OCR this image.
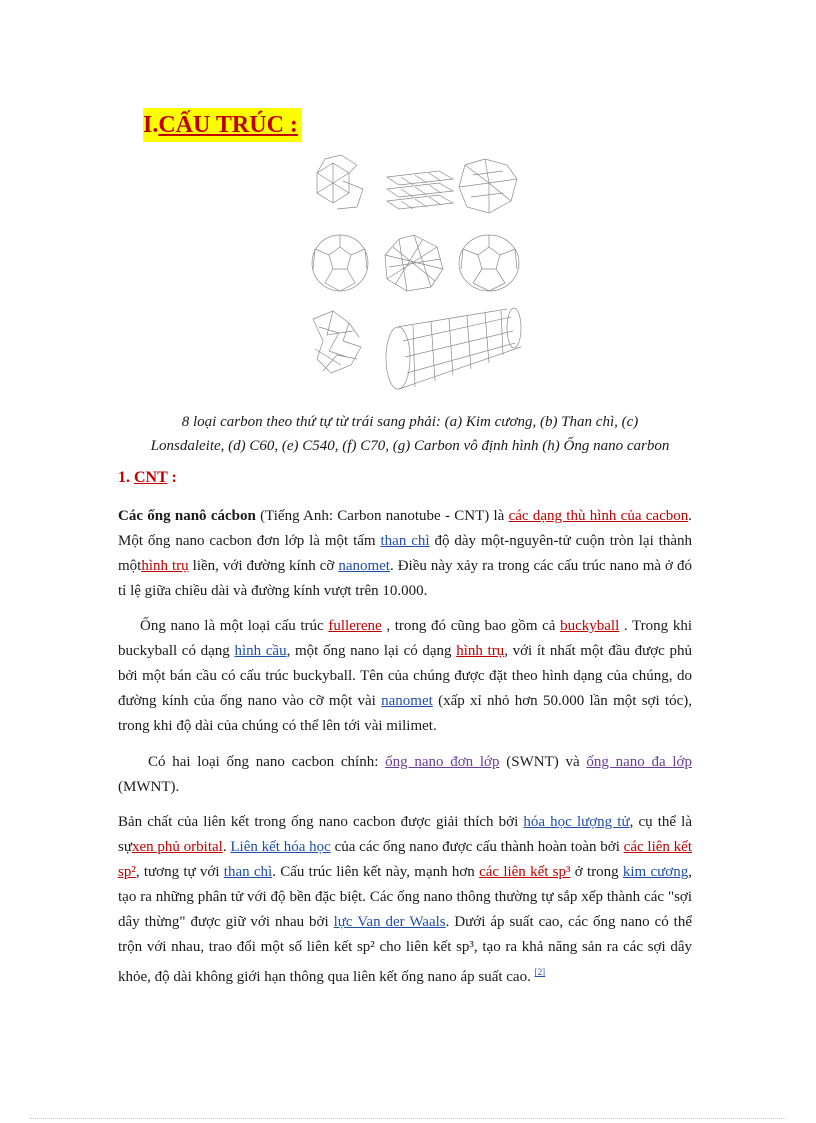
I.CẤU TRÚC :
8 loại carbon theo thứ tự từ trái sang phải: (a) Kim cương, (b) Than chì, (c)
Lonsdaleite, (d) C60, (e) C540, (f) C70, (g) Carbon vô định hình (h) Ống nano carbon
1. CNT :
Các ống nanô cácbon (Tiếng Anh: Carbon nanotube - CNT) là các dạng thù hình của cacbon. Một ống nano cacbon đơn lớp là một tấm than chì độ dày một-nguyên-tử cuộn tròn lại thành mộthình trụ liền, với đường kính cỡ nanomet. Điều này xảy ra trong các cấu trúc nano mà ở đó tỉ lệ giữa chiều dài và đường kính vượt trên 10.000.
Ống nano là một loại cấu trúc fullerene , trong đó cũng bao gồm cả buckyball . Trong khi buckyball có dạng hình cầu, một ống nano lại có dạng hình trụ, với ít nhất một đầu được phủ bởi một bán cầu có cấu trúc buckyball. Tên của chúng được đặt theo hình dạng của chúng, do đường kính của ống nano vào cỡ một vài nanomet (xấp xỉ nhỏ hơn 50.000 lần một sợi tóc), trong khi độ dài của chúng có thể lên tới vài milimet.
Có hai loại ống nano cacbon chính: ống nano đơn lớp (SWNT) và ống nano đa lớp (MWNT).
Bản chất của liên kết trong ống nano cacbon được giải thích bởi hóa học lượng tử, cụ thể là sựxen phủ orbital. Liên kết hóa học của các ống nano được cấu thành hoàn toàn bởi các liên kết sp², tương tự với than chì. Cấu trúc liên kết này, mạnh hơn các liên kết sp³ ở trong kim cương, tạo ra những phân tử với độ bền đặc biệt. Các ống nano thông thường tự sắp xếp thành các "sợi dây thừng" được giữ với nhau bởi lực Van der Waals. Dưới áp suất cao, các ống nano có thể trộn với nhau, trao đổi một số liên kết sp² cho liên kết sp³, tạo ra khả năng sản ra các sợi dây khỏe, độ dài không giới hạn thông qua liên kết ống nano áp suất cao. [2]
